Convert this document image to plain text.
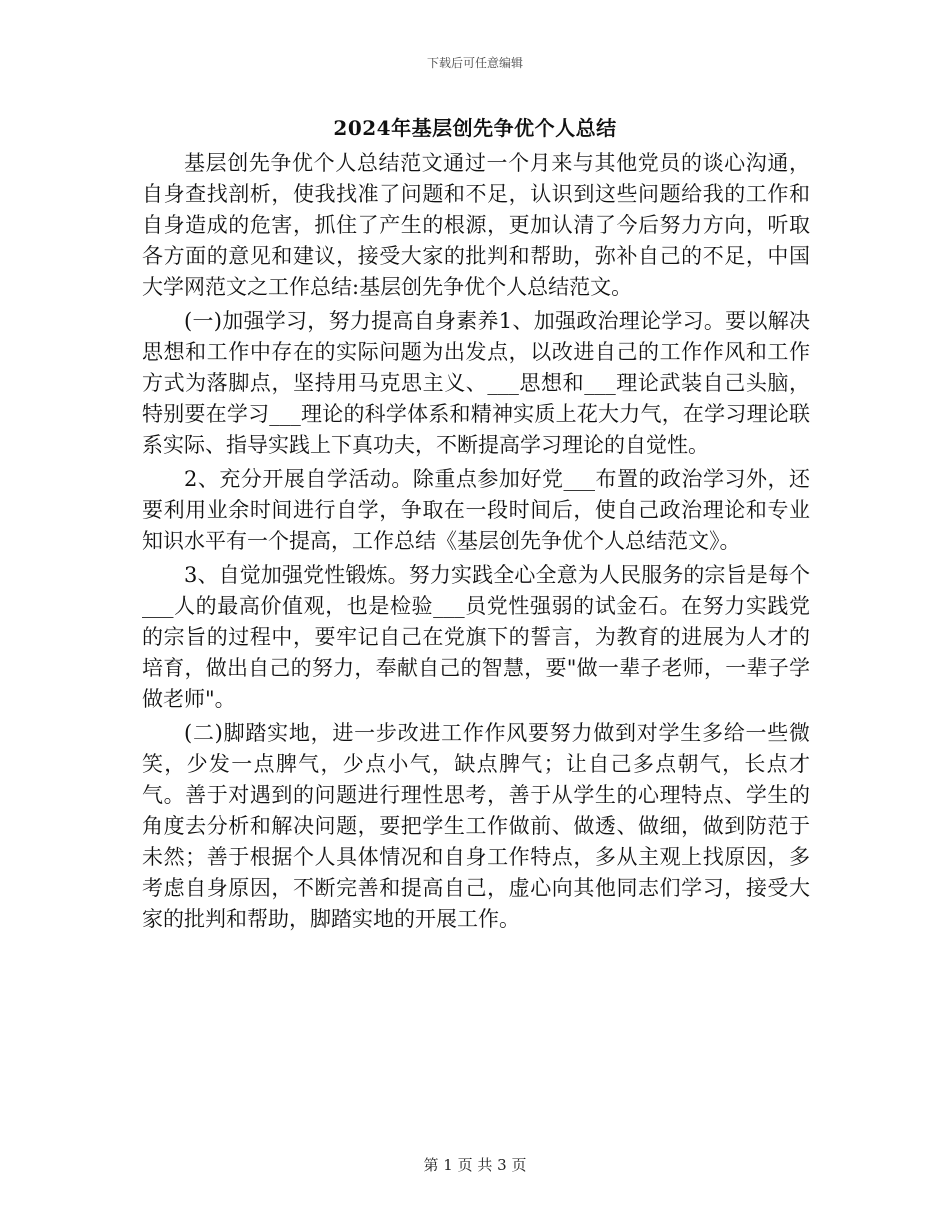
下载后可任意编辑
2024年基层创先争优个人总结

基层创先争优个人总结范文通过一个月来与其他党员的谈心沟通，自身查找剖析，使我找准了问题和不足，认识到这些问题给我的工作和自身造成的危害，抓住了产生的根源，更加认清了今后努力方向，听取各方面的意见和建议，接受大家的批判和帮助，弥补自己的不足，中国大学网范文之工作总结:基层创先争优个人总结范文。

(一)加强学习，努力提高自身素养1、加强政治理论学习。要以解决思想和工作中存在的实际问题为出发点，以改进自己的工作作风和工作方式为落脚点，坚持用马克思主义、___思想和___理论武装自己头脑，特别要在学习___理论的科学体系和精神实质上花大力气，在学习理论联系实际、指导实践上下真功夫，不断提高学习理论的自觉性。

2、充分开展自学活动。除重点参加好党___布置的政治学习外，还要利用业余时间进行自学，争取在一段时间后，使自己政治理论和专业知识水平有一个提高，工作总结《基层创先争优个人总结范文》。

3、自觉加强党性锻炼。努力实践全心全意为人民服务的宗旨是每个___人的最高价值观，也是检验___员党性强弱的试金石。在努力实践党的宗旨的过程中，要牢记自己在党旗下的誓言，为教育的进展为人才的培育，做出自己的努力，奉献自己的智慧，要"做一辈子老师，一辈子学做老师"。

(二)脚踏实地，进一步改进工作作风要努力做到对学生多给一些微笑，少发一点脾气，少点小气，缺点脾气；让自己多点朝气，长点才气。善于对遇到的问题进行理性思考，善于从学生的心理特点、学生的角度去分析和解决问题，要把学生工作做前、做透、做细，做到防范于未然；善于根据个人具体情况和自身工作特点，多从主观上找原因，多考虑自身原因，不断完善和提高自己，虚心向其他同志们学习，接受大家的批判和帮助，脚踏实地的开展工作。

第 1 页 共 3 页
